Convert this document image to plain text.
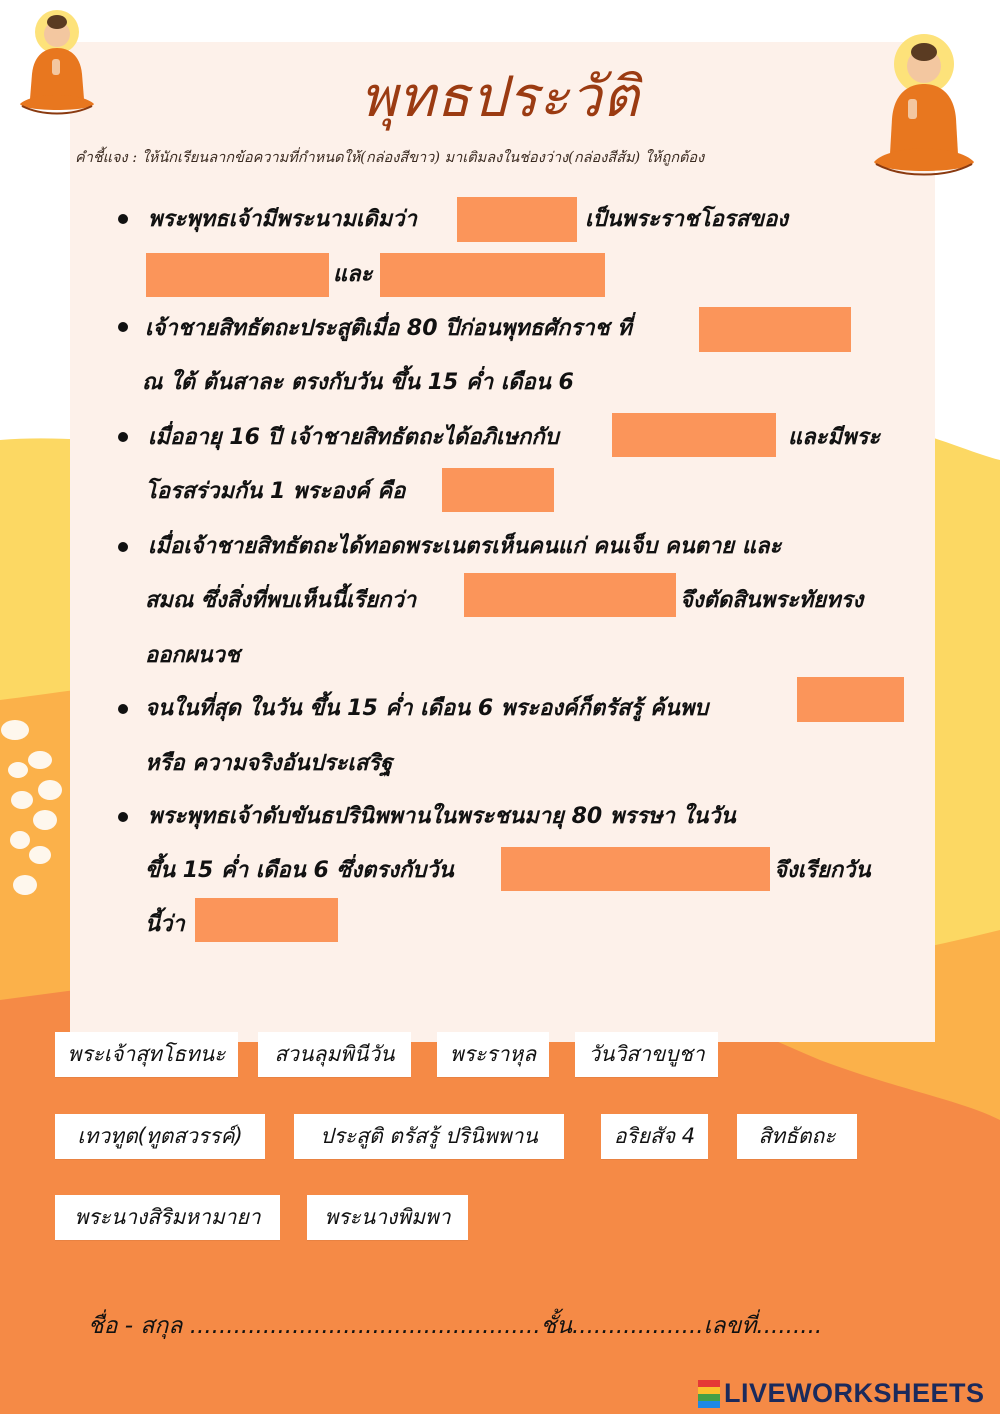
พุทธประวัติ
คำชี้แจง : ให้นักเรียนลากข้อความที่กำหนดให้(กล่องสีขาว) มาเติมลงในช่องว่าง(กล่องสีส้ม) ให้ถูกต้อง
พระพุทธเจ้ามีพระนามเดิมว่า	เป็นพระราชโอรสของ
และ
เจ้าชายสิทธัตถะประสูติเมื่อ 80 ปีก่อนพุทธศักราช ที่
ณ ใต้ ต้นสาละ ตรงกับวัน ขึ้น 15 ค่ำ เดือน 6
เมื่ออายุ 16 ปี เจ้าชายสิทธัตถะได้อภิเษกกับ	และมีพระ
โอรสร่วมกัน 1 พระองค์ คือ
เมื่อเจ้าชายสิทธัตถะได้ทอดพระเนตรเห็นคนแก่ คนเจ็บ คนตาย และ
สมณ ซึ่งสิ่งที่พบเห็นนี้เรียกว่า	จึงตัดสินพระทัยทรง
ออกผนวช
จนในที่สุด ในวัน ขึ้น 15 ค่ำ เดือน 6 พระองค์ก็ตรัสรู้ ค้นพบ
หรือ ความจริงอันประเสริฐ
พระพุทธเจ้าดับขันธปรินิพพานในพระชนมายุ 80 พรรษา ในวัน
ขึ้น 15 ค่ำ เดือน 6 ซึ่งตรงกับวัน	จึงเรียกวัน
นี้ว่า
พระเจ้าสุทโธทนะ	สวนลุมพินีวัน	พระราหุล	วันวิสาขบูชา
เทวทูต(ทูตสวรรค์)	ประสูติ ตรัสรู้ ปรินิพพาน	อริยสัจ 4	สิทธัตถะ
พระนางสิริมหามายา	พระนางพิมพา
ชื่อ - สกุล ................................................ชั้น..................เลขที่.........
LIVEWORKSHEETS
